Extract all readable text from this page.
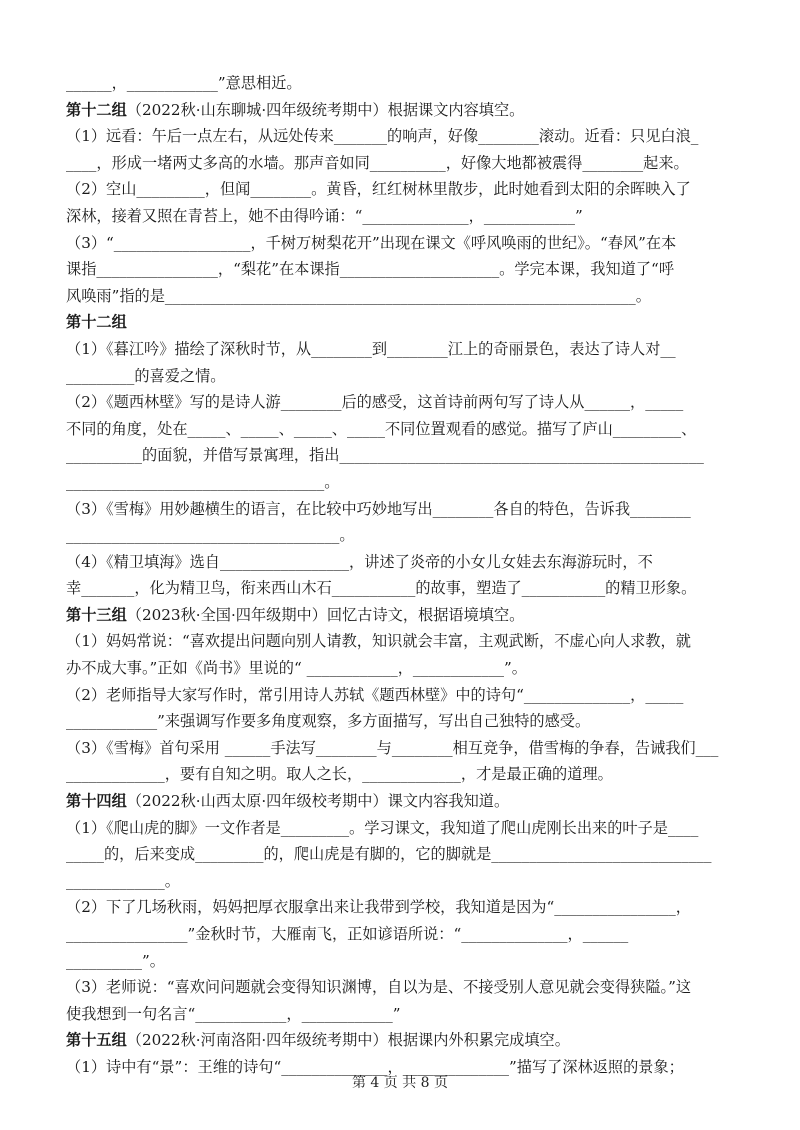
______，____________”意思相近。
第十二组（2022秋·山东聊城·四年级统考期中）根据课文内容填空。
（1）远看：午后一点左右，从远处传来_______的响声，好像________滚动。近看：只见白浪_
____，形成一堵两丈多高的水墙。那声音如同__________，好像大地都被震得________起来。
（2）空山_________，但闻________。黄昏，红红树林里散步，此时她看到太阳的余晖映入了
深林，接着又照在青苔上，她不由得吟诵：“______________，____________”
（3）“__________________，千树万树梨花开”出现在课文《呼风唤雨的世纪》。“春风”在本
课指________________，“梨花”在本课指_____________________。学完本课，我知道了“呼
风唤雨”指的是______________________________________________________________。
第十二组
（1）《暮江吟》描绘了深秋时节，从________到________江上的奇丽景色，表达了诗人对__
_________的喜爱之情。
（2）《题西林壁》写的是诗人游________后的感受，这首诗前两句写了诗人从______，_____
不同的角度，处在_____、_____、_____、_____不同位置观看的感觉。描写了庐山_________、
__________的面貌，并借写景寓理，指出________________________________________________
__________________________________。
（3）《雪梅》用妙趣横生的语言，在比较中巧妙地写出________各自的特色，告诉我________
____________________________________。
（4）《精卫填海》选自_________________，讲述了炎帝的小女儿女娃去东海游玩时，不
幸_______，化为精卫鸟，衔来西山木石___________的故事，塑造了___________的精卫形象。
第十三组（2023秋·全国·四年级期中）回忆古诗文，根据语境填空。
（1）妈妈常说：“喜欢提出问题向别人请教，知识就会丰富，主观武断，不虚心向人求教，就
办不成大事。”正如《尚书》里说的“ ____________，____________”。
（2）老师指导大家写作时，常引用诗人苏轼《题西林壁》中的诗句“______________，_____
____________”来强调写作要多角度观察，多方面描写，写出自己独特的感受。
（3）《雪梅》首句采用 ______手法写________与________相互竞争，借雪梅的争春，告诫我们___
_____________，要有自知之明。取人之长，_____________，才是最正确的道理。
第十四组（2022秋·山西太原·四年级校考期中）课文内容我知道。
（1）《爬山虎的脚》一文作者是_________。学习课文，我知道了爬山虎刚长出来的叶子是____
_____的，后来变成_________的，爬山虎是有脚的，它的脚就是_____________________________
_____________。
（2）下了几场秋雨，妈妈把厚衣服拿出来让我带到学校，我知道是因为“________________，
________________”金秋时节，大雁南飞，正如谚语所说：“______________，______
__________”。
（3）老师说：“喜欢问问题就会变得知识渊博，自以为是、不接受别人意见就会变得狭隘。”这
使我想到一句名言“____________，____________”
第十五组（2022秋·河南洛阳·四年级统考期中）根据课内外积累完成填空。
（1）诗中有“景”：王维的诗句“______________，______________”描写了深林返照的景象；
第 4 页 共 8 页
